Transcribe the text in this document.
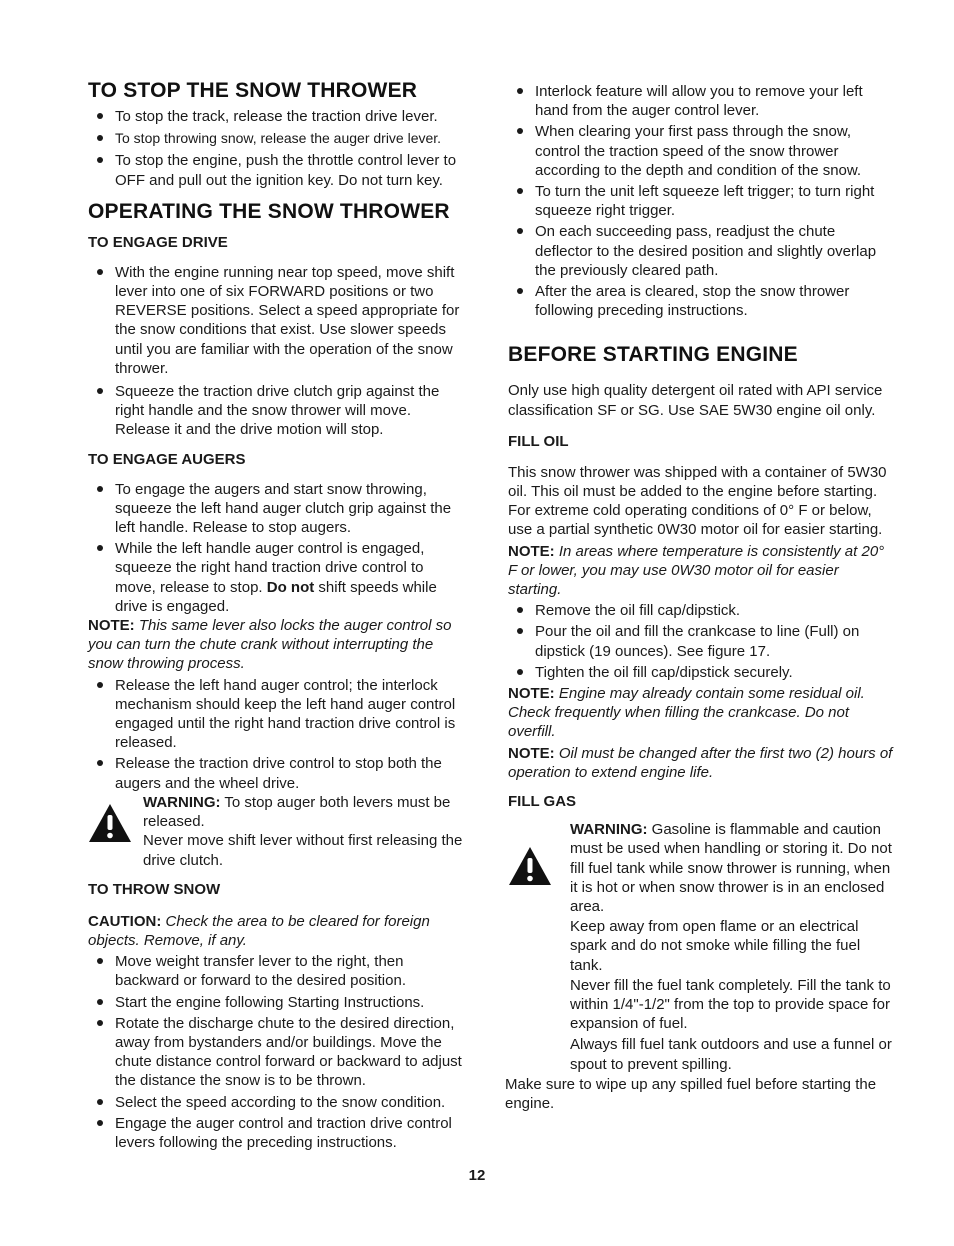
TO STOP THE SNOW THROWER
To stop the track, release the traction drive lever.
To stop throwing snow, release the auger drive lever.
To stop the engine, push the throttle control lever to OFF and pull out the ignition key. Do not turn key.
OPERATING THE SNOW THROWER
TO ENGAGE DRIVE
With the engine running near top speed, move shift lever into one of six FORWARD positions or two REVERSE positions. Select a speed appropriate for the snow conditions that exist. Use slower speeds until you are familiar with the operation of the snow thrower.
Squeeze the traction drive clutch grip against the right handle and the snow thrower will move. Release it and the drive motion will stop.
TO ENGAGE AUGERS
To engage the augers and start snow throwing, squeeze the left hand auger clutch grip against the left handle. Release to stop augers.
While the left handle auger control is engaged, squeeze the right hand traction drive control to move, release to stop. Do not shift speeds while drive is engaged.

NOTE: This same lever also locks the auger control so you can turn the chute crank without interrupting the snow throwing process.

Release the left hand auger control; the interlock mechanism should keep the left hand auger control engaged until the right hand traction drive control is released.
Release the traction drive control to stop both the augers and the wheel drive.

WARNING: To stop auger both levers must be released.

Never move shift lever without first releasing the drive clutch.

TO THROW SNOW

CAUTION: Check the area to be cleared for foreign objects. Remove, if any.

Move weight transfer lever to the right, then backward or forward to the desired position.
Start the engine following Starting Instructions.
Rotate the discharge chute to the desired direction, away from bystanders and/or buildings. Move the chute distance control forward or backward to adjust the distance the snow is to be thrown.
Select the speed according to the snow condition.
Engage the auger control and traction drive control levers following the preceding instructions.
Interlock feature will allow you to remove your left hand from the auger control lever.
When clearing your first pass through the snow, control the traction speed of the snow thrower according to the depth and condition of the snow.
To turn the unit left squeeze left trigger; to turn right squeeze right trigger.
On each succeeding pass, readjust the chute deflector to the desired position and slightly overlap the previously cleared path.
After the area is cleared, stop the snow thrower following preceding instructions.
BEFORE STARTING ENGINE

Only use high quality detergent oil rated with API service classification SF or SG. Use SAE 5W30 engine oil only.

FILL OIL

This snow thrower was shipped with a container of 5W30 oil. This oil must be added to the engine before starting. For extreme cold operating conditions of 0° F or below, use a partial synthetic 0W30 motor oil for easier starting.

NOTE: In areas where temperature is consistently at 20° F or lower, you may use 0W30 motor oil for easier starting.

Remove the oil fill cap/dipstick.
Pour the oil and fill the crankcase to line (Full) on dipstick (19 ounces). See figure 17.
Tighten the oil fill cap/dipstick securely.

NOTE: Engine may already contain some residual oil. Check frequently when filling the crankcase. Do not overfill.

NOTE: Oil must be changed after the first two (2) hours of operation to extend engine life.

FILL GAS

WARNING: Gasoline is flammable and caution must be used when handling or storing it. Do not fill fuel tank while snow thrower is running, when it is hot or when snow thrower is in an enclosed area.

Keep away from open flame or an electrical spark and do not smoke while filling the fuel tank.

Never fill the fuel tank completely. Fill the tank to within 1/4"-1/2" from the top to provide space for expansion of fuel.

Always fill fuel tank outdoors and use a funnel or spout to prevent spilling.

Make sure to wipe up any spilled fuel before starting the engine.

12
